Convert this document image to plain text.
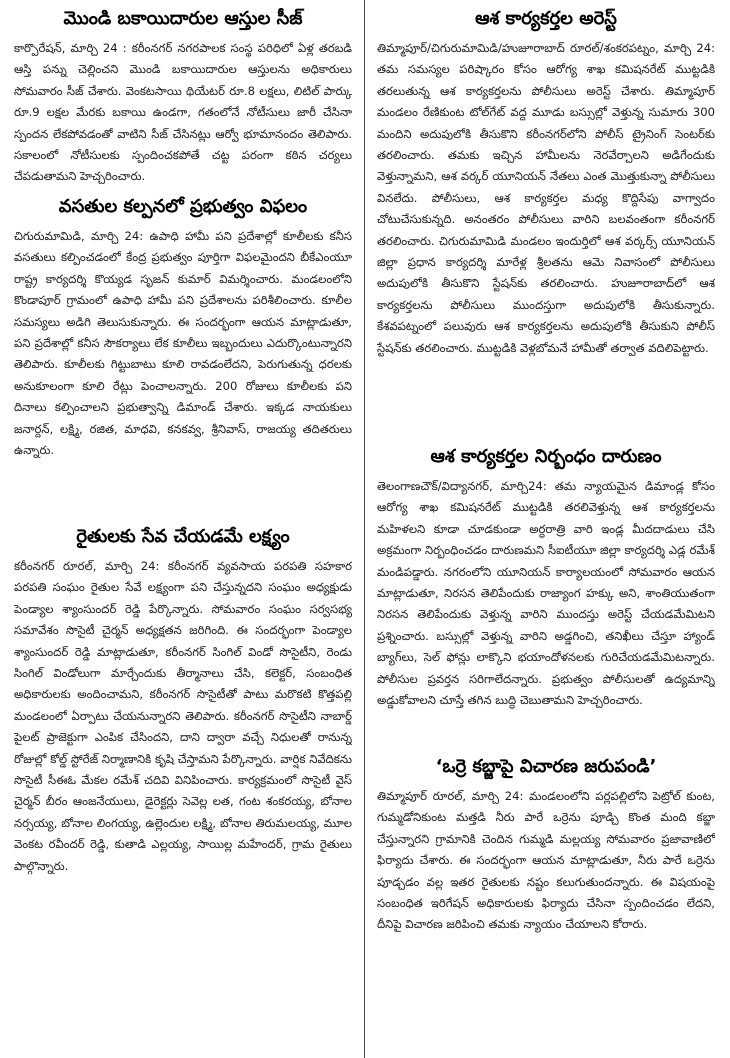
మొండి బకాయిదారుల ఆస్తుల సీజ్

కార్పొరేషన్, మార్చి 24 : కరీంనగర్ నగరపాలక సంస్థ పరిధిలో ఏళ్ల తరబడి ఆస్తి పన్ను చెల్లించని మొండి బకాయిదారుల ఆస్తులను అధికారులు సోమవారం సీజ్ చేశారు. వెంకటసాయి థియేటర్ రూ.8 లక్షలు, లిటిల్ పార్కు రూ.9 లక్షల మేరకు బకాయి ఉండగా, గతంలోనే నోటీసులు జారీ చేసినా స్పందన లేకపోవడంతో వాటిని సీజ్ చేసినట్లు ఆర్వో భూమానందం తెలిపారు. సకాలంలో నోటీసులకు స్పందించకపోతే చట్ట పరంగా కఠిన చర్యలు చేపడుతామని హెచ్చరించారు.

వసతుల కల్పనలో ప్రభుత్వం విఫలం

చిగురుమామిడి, మార్చి 24: ఉపాధి హామీ పని ప్రదేశాల్లో కూలీలకు కనీస వసతులు కల్పించడంలో కేంద్ర ప్రభుత్వం పూర్తిగా విఫలమైందని బీకేఎంయూ రాష్ట్ర కార్యదర్శి కొయ్యడ సృజన్ కుమార్ విమర్శించారు. మండలంలోని కొండాపూర్ గ్రామంలో ఉపాధి హామీ పని ప్రదేశాలను పరిశీలించారు. కూలీల సమస్యలు అడిగి తెలుసుకున్నారు. ఈ సందర్భంగా ఆయన మాట్లాడుతూ, పని ప్రదేశాల్లో కనీస సౌకర్యాలు లేక కూలీలు ఇబ్బందులు ఎదుర్కొంటున్నారని తెలిపారు. కూలీలకు గిట్టుబాటు కూలి రావడంలేదని, పెరుగుతున్న ధరలకు అనుకూలంగా కూలి రేట్లు పెంచాలన్నారు. 200 రోజులు కూలీలకు పని దినాలు కల్పించాలని ప్రభుత్వాన్ని డిమాండ్ చేశారు. ఇక్కడ నాయకులు జనార్దన్, లక్ష్మి, రజిత, మాధవి, కనకవ్వ, శ్రీనివాస్, రాజయ్య తదితరులు ఉన్నారు.

రైతులకు సేవ చేయడమే లక్ష్యం

కరీంనగర్ రూరల్, మార్చి 24: కరీంనగర్ వ్యవసాయ పరపతి సహకార పరపతి సంఘం రైతుల సేవే లక్ష్యంగా పని చేస్తున్నదని సంఘం అధ్యక్షుడు పెండ్యాల శ్యాంసుందర్ రెడ్డి పేర్కొన్నారు. సోమవారం సంఘం సర్వసభ్య సమావేశం సొసైటీ చైర్మన్ అధ్యక్షతన జరిగింది. ఈ సందర్భంగా పెండ్యాల శ్యాంసుందర్ రెడ్డి మాట్లాడుతూ, కరీంనగర్ సింగిల్ విండో సొసైటీని, రెండు సింగిల్ విండోలుగా మార్చేందుకు తీర్మానాలు చేసి, కలెక్టర్, సంబంధిత అధికారులకు అందించామని, కరీంనగర్ సొసైటీతో పాటు మరొకటి కొత్తపల్లి మండలంలో ఏర్పాటు చేయనున్నారని తెలిపారు. కరీంనగర్ సొసైటీని నాబార్డ్ పైలట్ ప్రాజెక్టుగా ఎంపిక చేసిందని, దాని ద్వారా వచ్చే నిధులతో రానున్న రోజుల్లో కోల్డ్ స్టోరేజ్ నిర్మాణానికి కృషి చేస్తామని పేర్కొన్నారు. వార్షిక నివేదికను సొసైటీ సీఈఓ మేకల రమేశ్ చదివి వినిపించారు. కార్యక్రమంలో సొసైటీ వైస్ చైర్మన్ బీరం ఆంజనేయులు, డైరెక్టర్లు సెవెల్ల లత, గంట శంకరయ్య, బోనాల నర్సయ్య, బోనాల లింగయ్య, ఉల్లెందుల లక్ష్మి, బోనాల తిరుమలయ్య, మూల వెంకట రవీందర్ రెడ్డి, కుతాడి ఎల్లయ్య, సాయిల్ల మహేందర్, గ్రామ రైతులు పాల్గొన్నారు.

ఆశ కార్యకర్తల అరెస్ట్

తిమ్మాపూర్/చిగురుమామిడి/హుజూరాబాద్ రూరల్/శంకరపట్నం, మార్చి 24: తమ సమస్యల పరిష్కారం కోసం ఆరోగ్య శాఖ కమిషనరేట్ ముట్టడికి తరలుతున్న ఆశ కార్యకర్తలను పోలీసులు అరెస్ట్ చేశారు. తిమ్మాపూర్ మండలం రేణికుంట టోల్‌గేట్ వద్ద మూడు బస్సుల్లో వెళ్తున్న సుమారు 300 మందిని అదుపులోకి తీసుకొని కరీంనగర్‌లోని పోలీస్ ట్రైనింగ్ సెంటర్‌కు తరలించారు. తమకు ఇచ్చిన హామీలను నెరవేర్చాలని అడిగేందుకు వెళ్తున్నామని, ఆశ వర్కర్ యూనియన్ నేతలు ఎంత మొత్తుకున్నా పోలీసులు వినలేదు. పోలీసులు, ఆశ కార్యకర్తల మధ్య కొద్దిసేపు వాగ్వాదం చోటుచేసుకున్నది. అనంతరం పోలీసులు వారిని బలవంతంగా కరీంనగర్ తరలించారు. చిగురుమామిడి మండలం ఇందుర్తిలో ఆశ వర్కర్స్ యూనియన్ జిల్లా ప్రధాన కార్యదర్శి మారేళ్ల శ్రీలతను ఆమె నివాసంలో పోలీసులు అదుపులోకి తీసుకొని స్టేషన్‌కు తరలించారు. హుజూరాబాద్‌లో ఆశ కార్యకర్తలను పోలీసులు ముందస్తుగా అదుపులోకి తీసుకున్నారు. కేశవపట్నంలో పలువురు ఆశ కార్యకర్తలను అదుపులోకి తీసుకుని పోలీస్ స్టేషన్‌కు తరలించారు. ముట్టడికి వెళ్లబోమనే హామీతో తర్వాత వదిలిపెట్టారు.

ఆశ కార్యకర్తల నిర్బంధం దారుణం

తెలంగాణచౌక్/విద్యానగర్, మార్చి24: తమ న్యాయమైన డిమాండ్ల కోసం ఆరోగ్య శాఖ కమిషనరేట్ ముట్టడికి తరలివెళ్తున్న ఆశ కార్యకర్తలను మహిళలని కూడా చూడకుండా అర్ధరాత్రి వారి ఇండ్ల మీదదాడులు చేసి అక్రమంగా నిర్బంధించడం దారుణమని సీఐటీయూ జిల్లా కార్యదర్శి ఎడ్ల రమేశ్ మండిపడ్డారు. నగరంలోని యూనియన్ కార్యాలయంలో సోమవారం ఆయన మాట్లాడుతూ, నిరసన తెలిపేందుకు రాజ్యాంగ హక్కు అని, శాంతియుతంగా నిరసన తెలిపేందుకు వెళ్తున్న వారిని ముందస్తు అరెస్ట్ చేయడమేమిటని ప్రశ్నించారు. బస్సుల్లో వెళ్తున్న వారిని అడ్డగించి, తనిఖీలు చేస్తూ హ్యాండ్ బ్యాగ్‌లు, సెల్ ఫోన్లు లాక్కొని భయాందోళనలకు గురిచేయడమేమిటన్నారు. పోలీసుల ప్రవర్తన సరిగాలేదన్నారు. ప్రభుత్వం పోలీసులతో ఉద్యమాన్ని అడ్డుకోవాలని చూస్తే తగిన బుద్ధి చెబుతామని హెచ్చరించారు.

‘ఒర్రె కబ్జాపై విచారణ జరుపండి’

తిమ్మాపూర్ రూరల్, మార్చి 24: మండలంలోని పర్లపల్లిలోని పెట్రోల్ కుంట, గుమ్మడోనికుంట మత్తడి నీరు పారే ఒర్రెను పూడ్చి కొంత మంది కబ్జా చేస్తున్నారని గ్రామానికి చెందిన గుమ్మడి మల్లయ్య సోమవారం ప్రజావాణిలో ఫిర్యాదు చేశారు. ఈ సందర్భంగా ఆయన మాట్లాడుతూ, నీరు పారే ఒర్రెను పూడ్చడం వల్ల ఇతర రైతులకు నష్టం కలుగుతుందన్నారు. ఈ విషయంపై సంబంధిత ఇరిగేషన్ అధికారులకు ఫిర్యాదు చేసినా స్పందించడం లేదని, దీనిపై విచారణ జరిపించి తమకు న్యాయం చేయాలని కోరారు.
